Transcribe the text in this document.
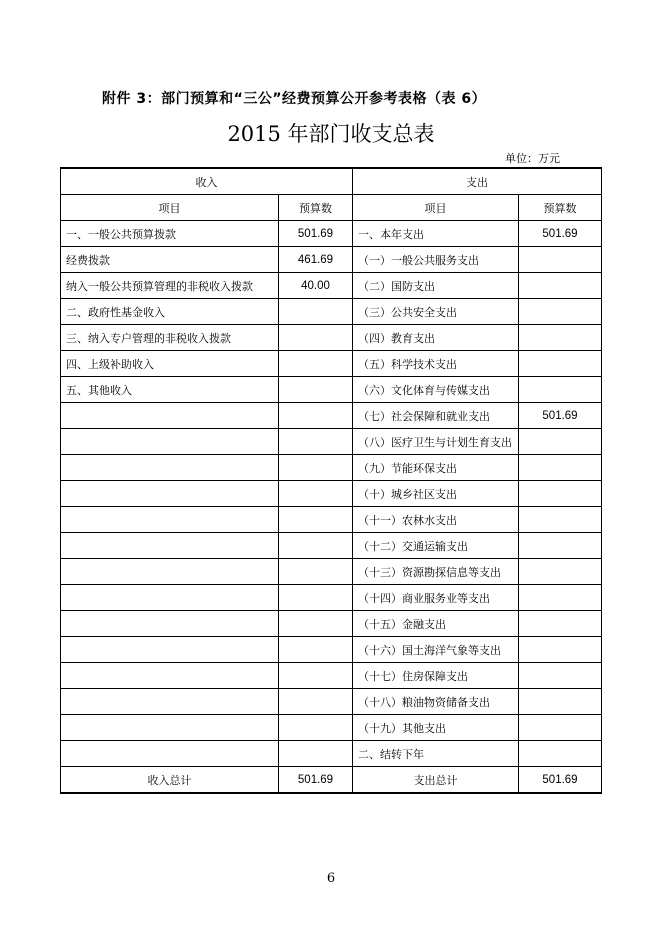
附件 3：部门预算和“三公”经费预算公开参考表格（表 6）
2015 年部门收支总表
单位：万元
收入		支出	
项目	预算数	项目	预算数
一、一般公共预算拨款	501.69	一、本年支出	501.69
经费拨款	461.69	（一）一般公共服务支出	
纳入一般公共预算管理的非税收入拨款	40.00	（二）国防支出	
二、政府性基金收入		（三）公共安全支出	
三、纳入专户管理的非税收入拨款		（四）教育支出	
四、上级补助收入		（五）科学技术支出	
五、其他收入		（六）文化体育与传媒支出	
		（七）社会保障和就业支出	501.69
		（八）医疗卫生与计划生育支出	
		（九）节能环保支出	
		（十）城乡社区支出	
		（十一）农林水支出	
		（十二）交通运输支出	
		（十三）资源勘探信息等支出	
		（十四）商业服务业等支出	
		（十五）金融支出	
		（十六）国土海洋气象等支出	
		（十七）住房保障支出	
		（十八）粮油物资储备支出	
		（十九）其他支出	
		二、结转下年	
收入总计	501.69	支出总计	501.69
6
